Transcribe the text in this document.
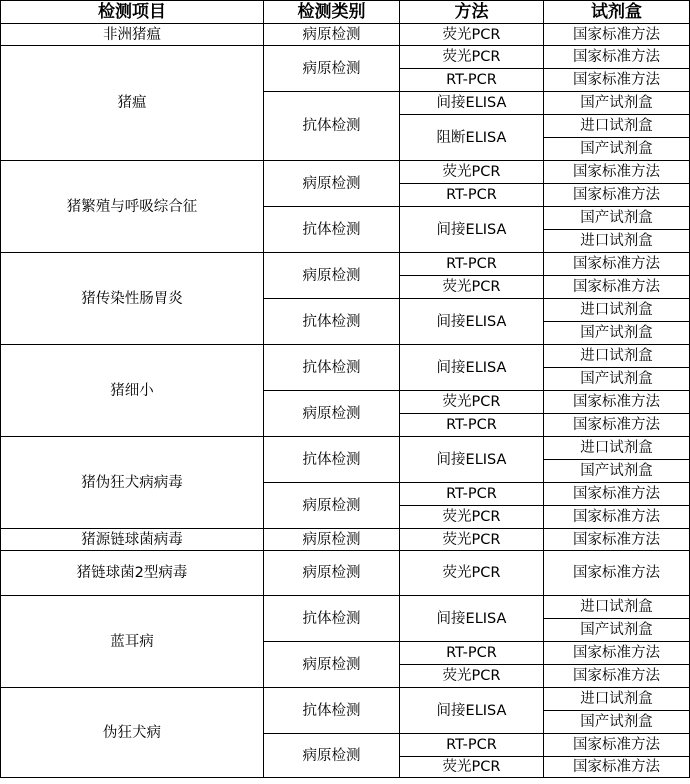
检测项目	检测类别	方法	试剂盒
非洲猪瘟	病原检测	荧光PCR	国家标准方法
猪瘟	病原检测	荧光PCR	国家标准方法
		RT-PCR	国家标准方法
	抗体检测	间接ELISA	国产试剂盒
		阻断ELISA	进口试剂盒
			国产试剂盒
猪繁殖与呼吸综合征	病原检测	荧光PCR	国家标准方法
		RT-PCR	国家标准方法
	抗体检测	间接ELISA	国产试剂盒
			进口试剂盒
猪传染性肠胃炎	病原检测	RT-PCR	国家标准方法
		荧光PCR	国家标准方法
	抗体检测	间接ELISA	进口试剂盒
			国产试剂盒
猪细小	抗体检测	间接ELISA	进口试剂盒
			国产试剂盒
	病原检测	荧光PCR	国家标准方法
		RT-PCR	国家标准方法
猪伪狂犬病病毒	抗体检测	间接ELISA	进口试剂盒
			国产试剂盒
	病原检测	RT-PCR	国家标准方法
		荧光PCR	国家标准方法
猪源链球菌病毒	病原检测	荧光PCR	国家标准方法
猪链球菌2型病毒	病原检测	荧光PCR	国家标准方法
蓝耳病	抗体检测	间接ELISA	进口试剂盒
			国产试剂盒
	病原检测	RT-PCR	国家标准方法
		荧光PCR	国家标准方法
伪狂犬病	抗体检测	间接ELISA	进口试剂盒
			国产试剂盒
	病原检测	RT-PCR	国家标准方法
		荧光PCR	国家标准方法
